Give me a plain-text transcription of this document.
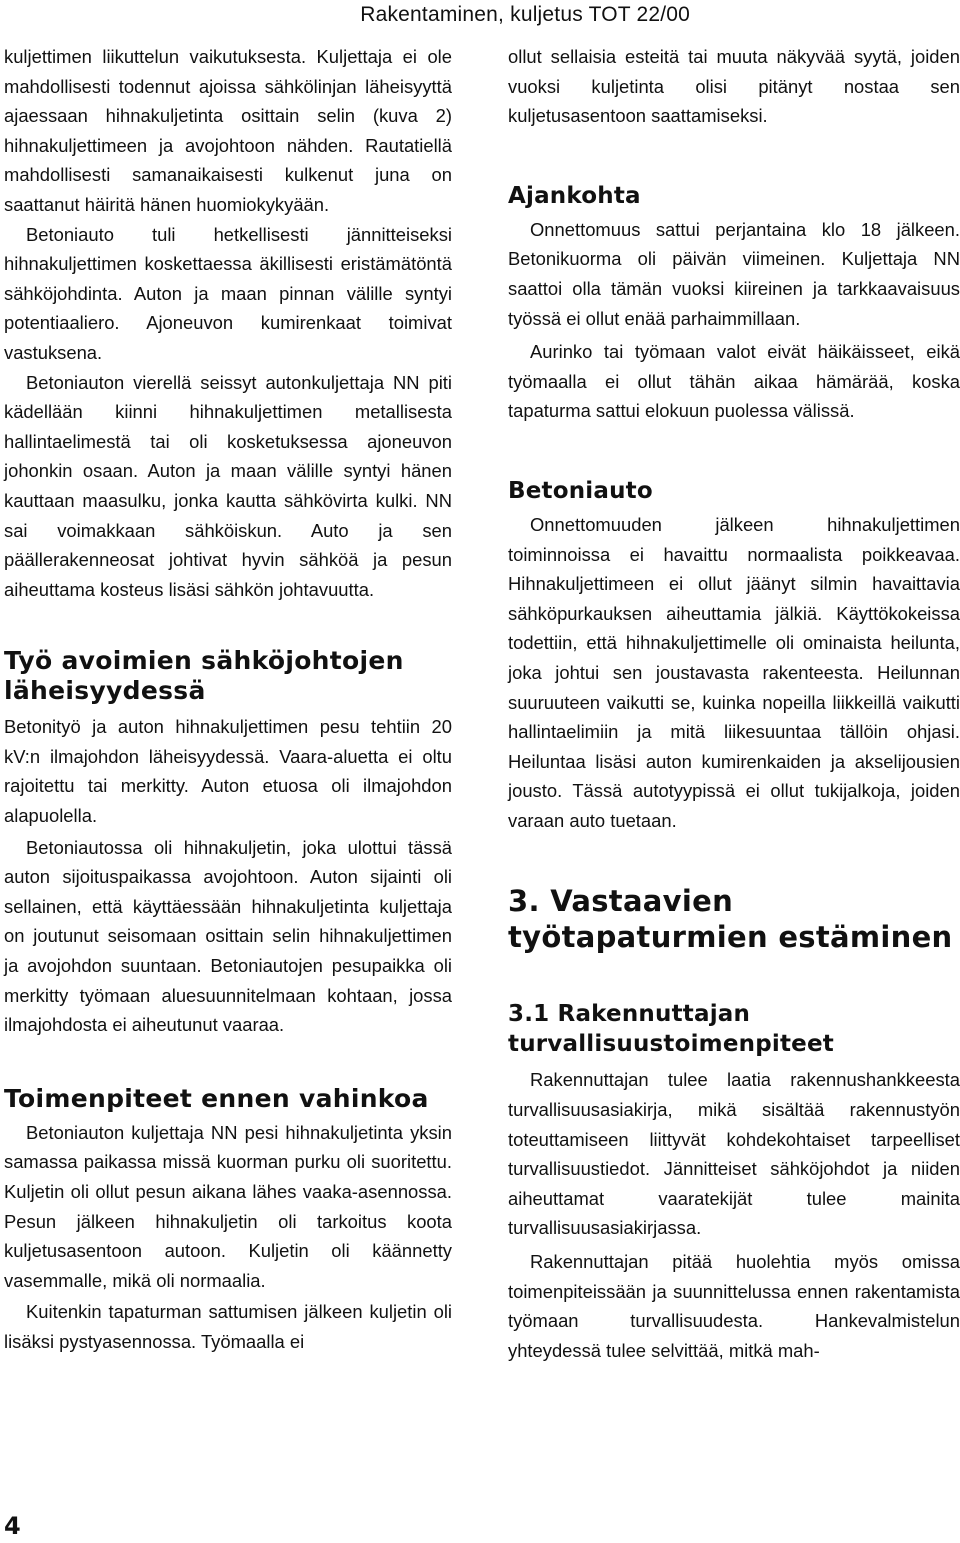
Rakentaminen, kuljetus TOT 22/00

kuljettimen liikuttelun vaikutuksesta. Kuljettaja ei ole mahdollisesti todennut ajoissa sähkölinjan läheisyyttä ajaessaan hihnakuljetinta osittain selin (kuva 2) hihnakuljettimeen ja avojohtoon nähden. Rautatiellä mahdollisesti samanaikaisesti kulkenut juna on saattanut häiritä hänen huomiokykyään.

Betoniauto tuli hetkellisesti jännitteiseksi hihnakuljettimen koskettaessa äkillisesti eristämätöntä sähköjohdinta. Auton ja maan pinnan välille syntyi potentiaaliero. Ajoneuvon kumirenkaat toimivat vastuksena.

Betoniauton vierellä seissyt autonkuljettaja NN piti kädellään kiinni hihnakuljettimen metallisesta hallintaelimestä tai oli kosketuksessa ajoneuvon johonkin osaan. Auton ja maan välille syntyi hänen kauttaan maasulku, jonka kautta sähkövirta kulki. NN sai voimakkaan sähköiskun. Auto ja sen päällerakenneosat johtivat hyvin sähköä ja pesun aiheuttama kosteus lisäsi sähkön johtavuutta.

Työ avoimien sähköjohtojen läheisyydessä

Betonityö ja auton hihnakuljettimen pesu tehtiin 20 kV:n ilmajohdon läheisyydessä. Vaara-aluetta ei oltu rajoitettu tai merkitty. Auton etuosa oli ilmajohdon alapuolella.

Betoniautossa oli hihnakuljetin, joka ulottui tässä auton sijoituspaikassa avojohtoon. Auton sijainti oli sellainen, että käyttäessään hihnakuljetinta kuljettaja on joutunut seisomaan osittain selin hihnakuljettimen ja avojohdon suuntaan. Betoniautojen pesupaikka oli merkitty työmaan aluesuunnitelmaan kohtaan, jossa ilmajohdosta ei aiheutunut vaaraa.

Toimenpiteet ennen vahinkoa

Betoniauton kuljettaja NN pesi hihnakuljetinta yksin samassa paikassa missä kuorman purku oli suoritettu. Kuljetin oli ollut pesun aikana lähes vaaka-asennossa. Pesun jälkeen hihnakuljetin oli tarkoitus koota kuljetusasentoon autoon. Kuljetin oli käännetty vasemmalle, mikä oli normaalia.

Kuitenkin tapaturman sattumisen jälkeen kuljetin oli lisäksi pystyasennossa. Työmaalla ei

ollut sellaisia esteitä tai muuta näkyvää syytä, joiden vuoksi kuljetinta olisi pitänyt nostaa sen kuljetusasentoon saattamiseksi.

Ajankohta

Onnettomuus sattui perjantaina klo 18 jälkeen. Betonikuorma oli päivän viimeinen. Kuljettaja NN saattoi olla tämän vuoksi kiireinen ja tarkkaavaisuus työssä ei ollut enää parhaimmillaan.

Aurinko tai työmaan valot eivät häikäisseet, eikä työmaalla ei ollut tähän aikaa hämärää, koska tapaturma sattui elokuun puolessa välissä.

Betoniauto

Onnettomuuden jälkeen hihnakuljettimen toiminnoissa ei havaittu normaalista poikkeavaa. Hihnakuljettimeen ei ollut jäänyt silmin havaittavia sähköpurkauksen aiheuttamia jälkiä. Käyttökokeissa todettiin, että hihnakuljettimelle oli ominaista heilunta, joka johtui sen joustavasta rakenteesta. Heilunnan suuruuteen vaikutti se, kuinka nopeilla liikkeillä vaikutti hallintaelimiin ja mitä liikesuuntaa tällöin ohjasi. Heiluntaa lisäsi auton kumirenkaiden ja akselijousien jousto. Tässä autotyypissä ei ollut tukijalkoja, joiden varaan auto tuetaan.

3. Vastaavien työtapaturmien estäminen
3.1 Rakennuttajan turvallisuustoimenpiteet

Rakennuttajan tulee laatia rakennushankkeesta turvallisuusasiakirja, mikä sisältää rakennustyön toteuttamiseen liittyvät kohdekohtaiset tarpeelliset turvallisuustiedot. Jännitteiset sähköjohdot ja niiden aiheuttamat vaaratekijät tulee mainita turvallisuusasiakirjassa.

Rakennuttajan pitää huolehtia myös omissa toimenpiteissään ja suunnittelussa ennen rakentamista työmaan turvallisuudesta. Hankevalmistelun yhteydessä tulee selvittää, mitkä mah-

4
